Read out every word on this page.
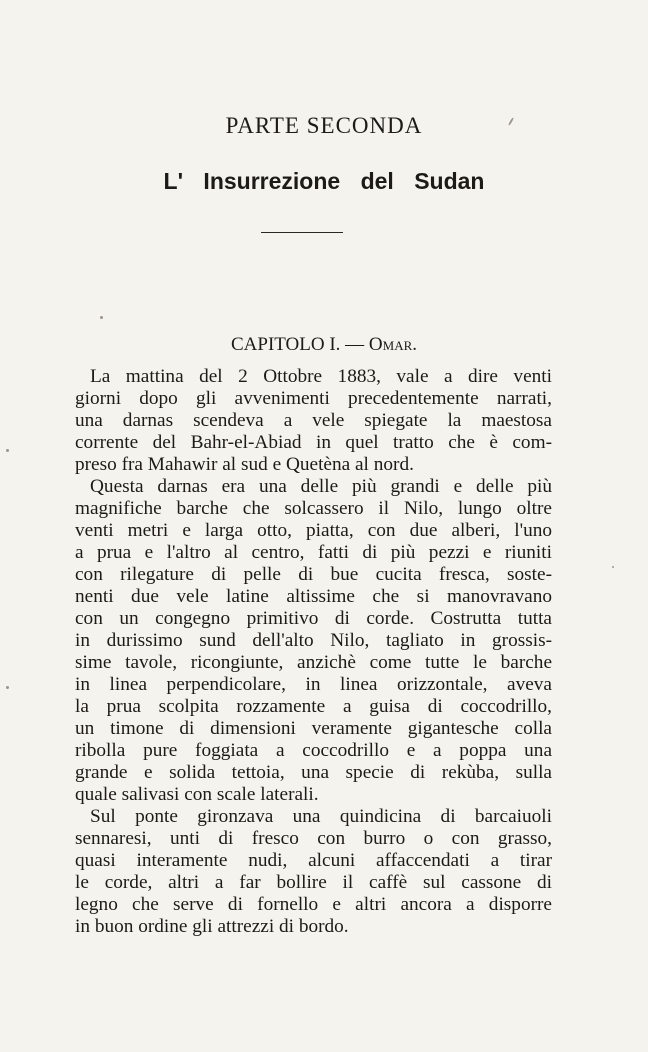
PARTE SECONDA
L' Insurrezione del Sudan
CAPITOLO I. — Omar.
La mattina del 2 Ottobre 1883, vale a dire venti
giorni dopo gli avvenimenti precedentemente narrati,
una darnas scendeva a vele spiegate la maestosa
corrente del Bahr-el-Abiad in quel tratto che è com-
preso fra Mahawir al sud e Quetèna al nord.
Questa darnas era una delle più grandi e delle più
magnifiche barche che solcassero il Nilo, lungo oltre
venti metri e larga otto, piatta, con due alberi, l'uno
a prua e l'altro al centro, fatti di più pezzi e riuniti
con rilegature di pelle di bue cucita fresca, soste-
nenti due vele latine altissime che si manovravano
con un congegno primitivo di corde. Costrutta tutta
in durissimo sund dell'alto Nilo, tagliato in grossis-
sime tavole, ricongiunte, anzichè come tutte le barche
in linea perpendicolare, in linea orizzontale, aveva
la prua scolpita rozzamente a guisa di coccodrillo,
un timone di dimensioni veramente gigantesche colla
ribolla pure foggiata a coccodrillo e a poppa una
grande e solida tettoia, una specie di rekùba, sulla
quale salivasi con scale laterali.
Sul ponte gironzava una quindicina di barcaiuoli
sennaresi, unti di fresco con burro o con grasso,
quasi interamente nudi, alcuni affaccendati a tirar
le corde, altri a far bollire il caffè sul cassone di
legno che serve di fornello e altri ancora a disporre
in buon ordine gli attrezzi di bordo.
